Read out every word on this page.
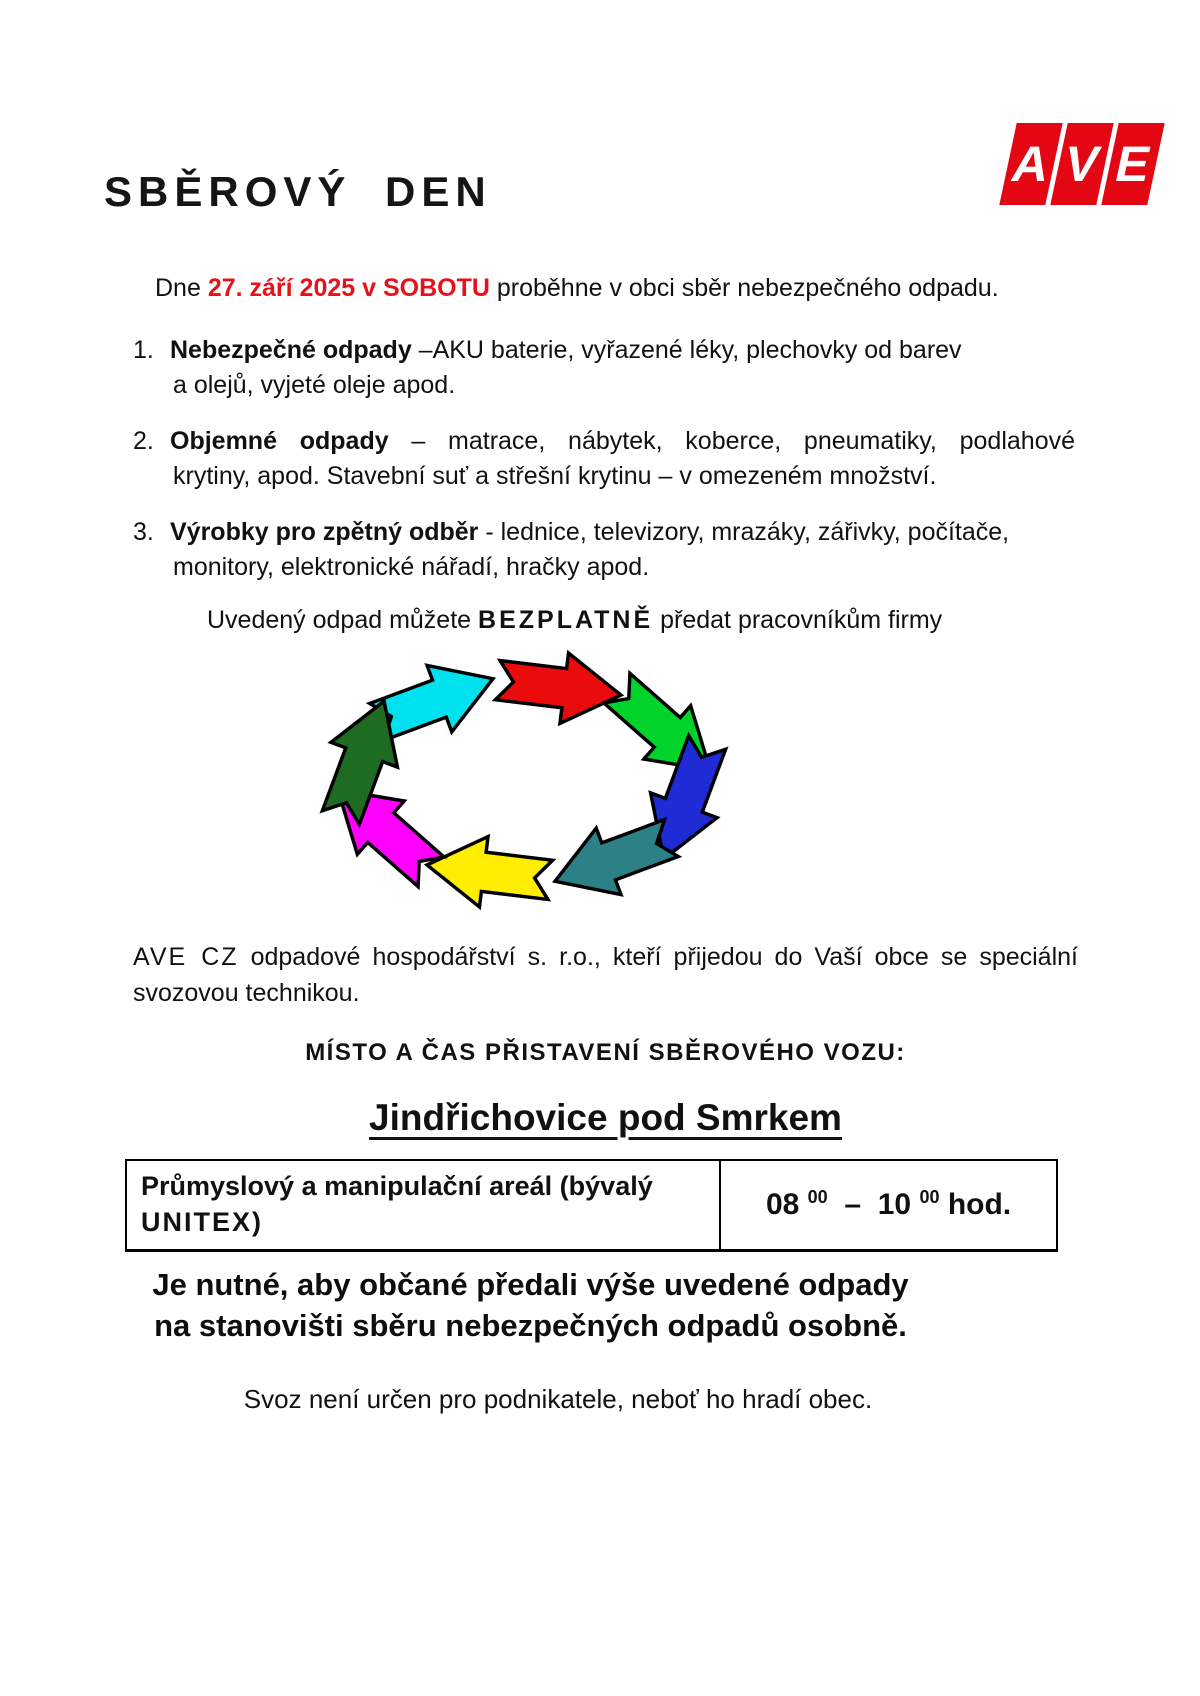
SBĚROVÝ DEN	A V E

Dne 27. září 2025 v SOBOTU proběhne v obci sběr nebezpečného odpadu.

1. Nebezpečné odpady –AKU baterie, vyřazené léky, plechovky od barev
a olejů, vyjeté oleje apod.
2. Objemné odpady – matrace, nábytek, koberce, pneumatiky, podlahové
krytiny, apod. Stavební suť a střešní krytinu – v omezeném množství.
3. Výrobky pro zpětný odběr - lednice, televizory, mrazáky, zářivky, počítače,
monitory, elektronické nářadí, hračky apod.

Uvedený odpad můžete BEZPLATNĚ předat pracovníkům firmy

AVE CZ odpadové hospodářství s. r.o., kteří přijedou do Vaší obce se speciální
svozovou technikou.
MÍSTO A ČAS PŘISTAVENÍ SBĚROVÉHO VOZU:
Jindřichovice pod Smrkem
Průmyslový a manipulační areál (bývalý
UNITEX)
	08 $^{00}$ – 10 $^{00}$ hod.
Je nutné, aby občané předali výše uvedené odpady
na stanovišti sběru nebezpečných odpadů osobně.
Svoz není určen pro podnikatele, neboť ho hradí obec.
